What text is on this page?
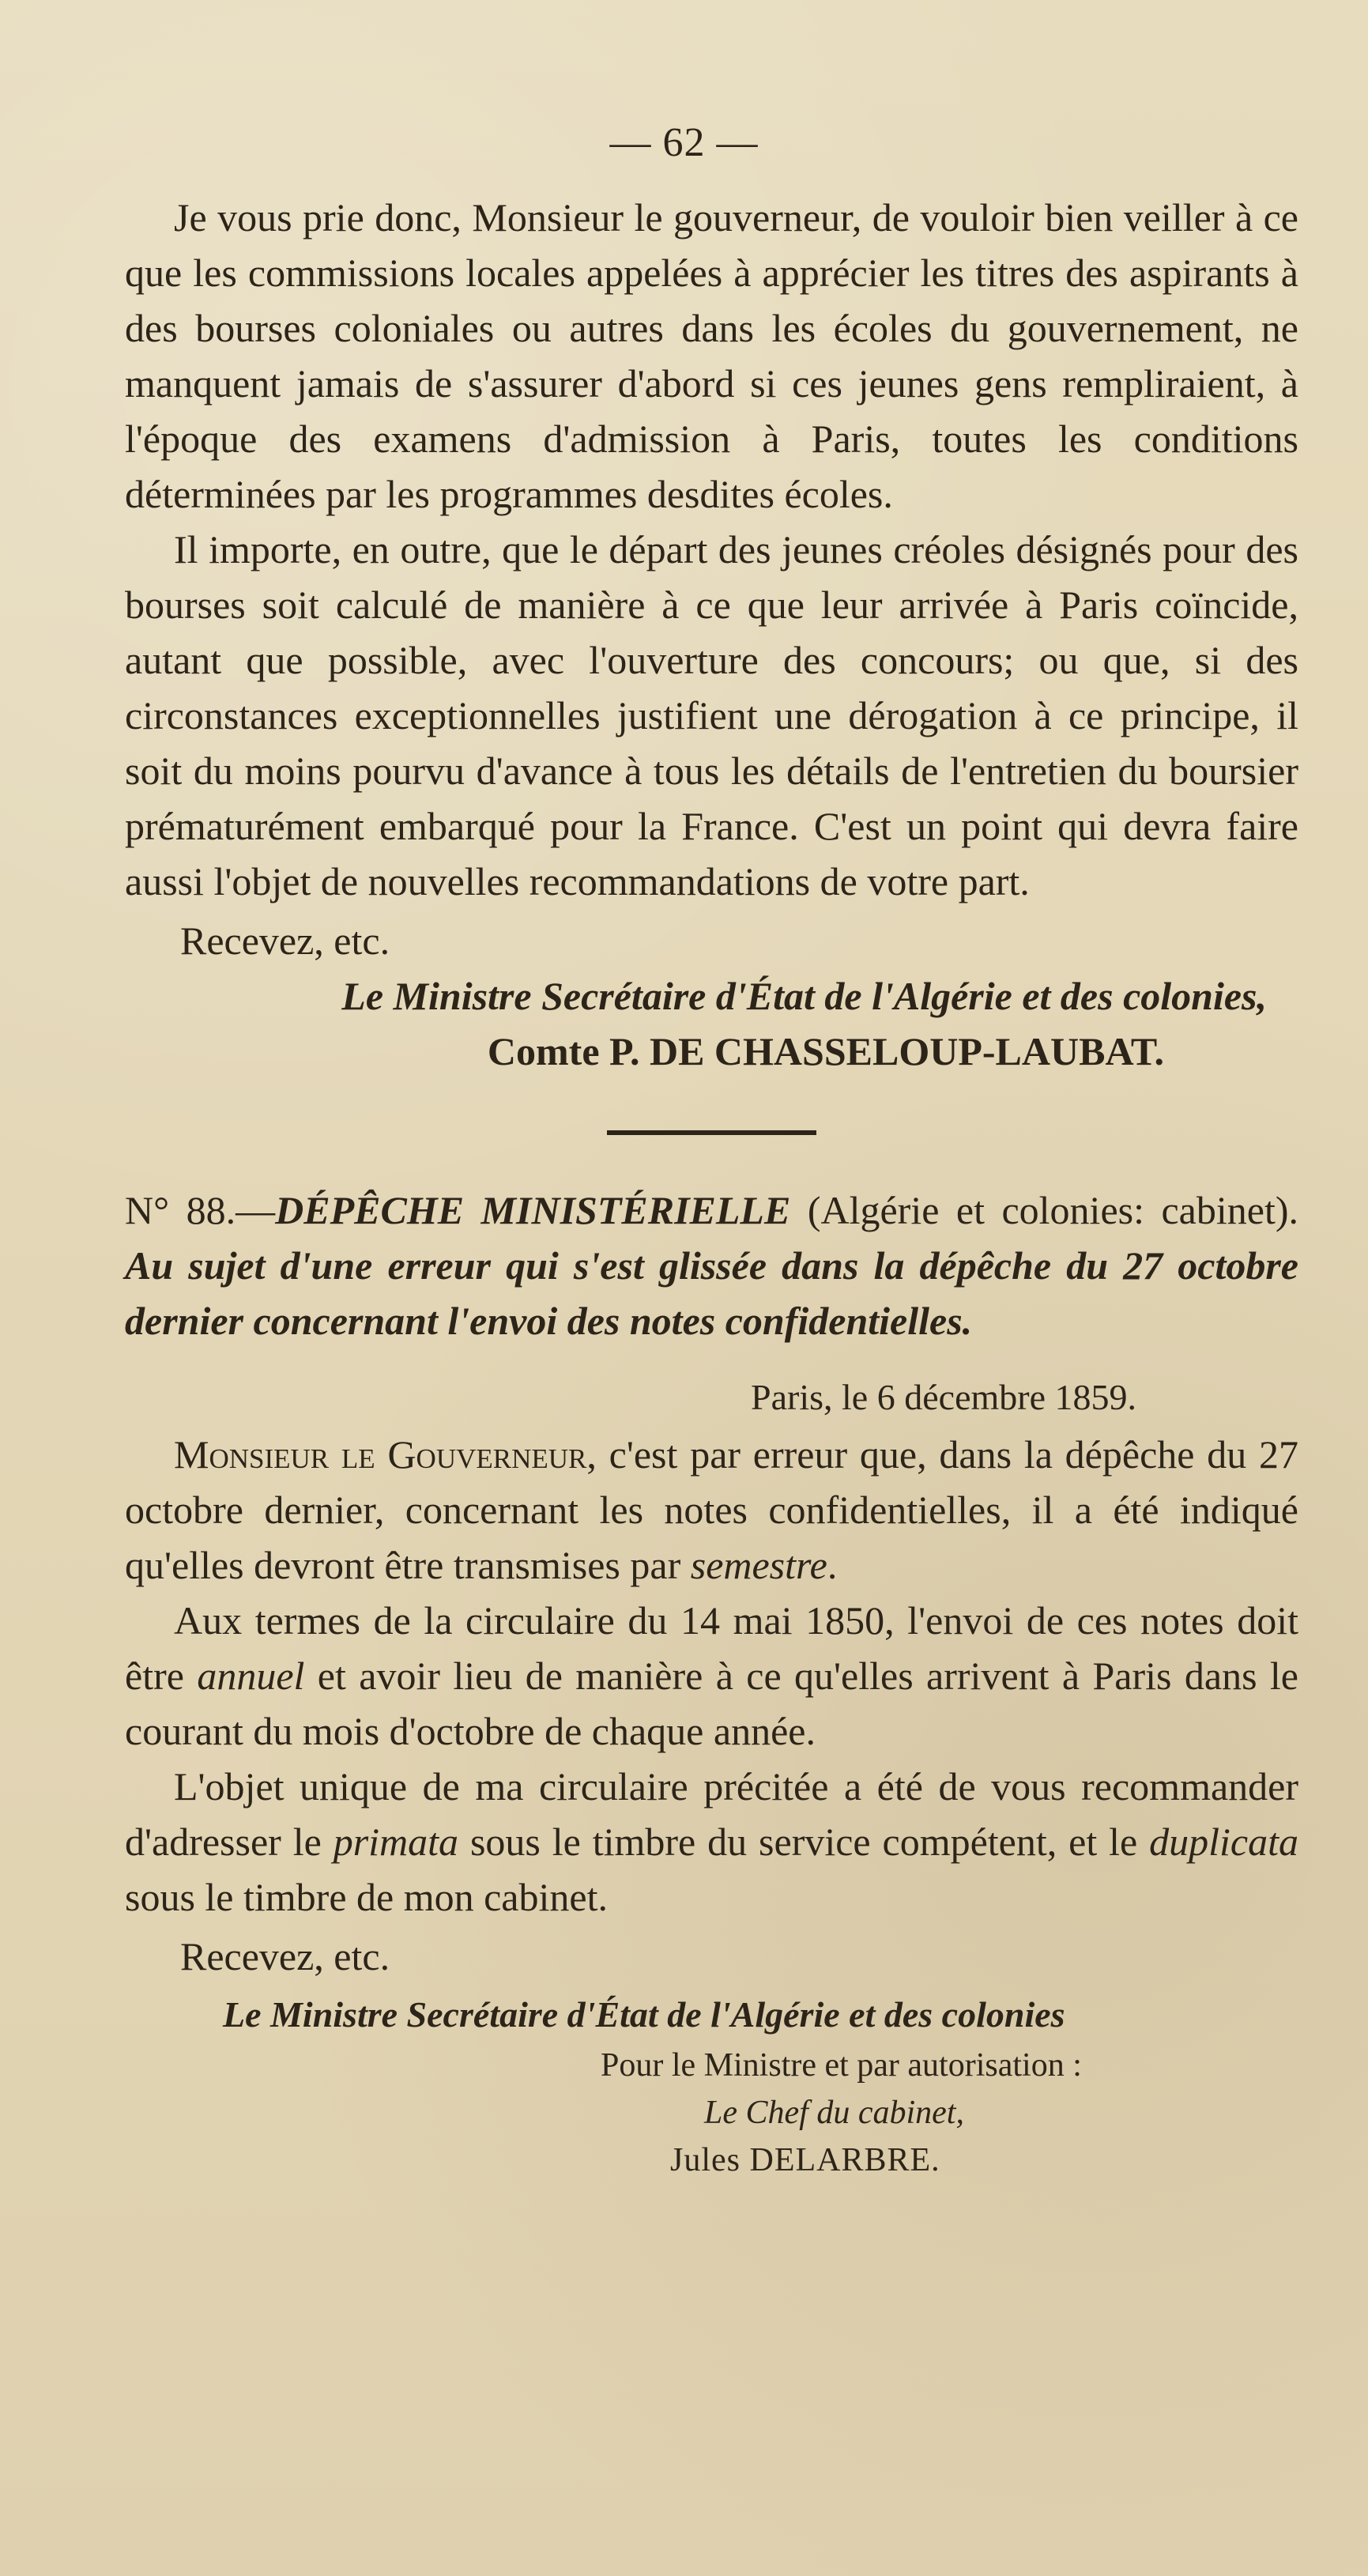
— 62 —

Je vous prie donc, Monsieur le gouverneur, de vouloir bien veiller à ce que les commissions locales appelées à apprécier les titres des aspirants à des bourses coloniales ou autres dans les écoles du gouvernement, ne manquent jamais de s'assurer d'abord si ces jeunes gens rempliraient, à l'époque des examens d'admission à Paris, toutes les conditions déterminées par les programmes desdites écoles.

Il importe, en outre, que le départ des jeunes créoles désignés pour des bourses soit calculé de manière à ce que leur arrivée à Paris coïncide, autant que possible, avec l'ouverture des concours; ou que, si des circonstances exceptionnelles justifient une dérogation à ce principe, il soit du moins pourvu d'avance à tous les détails de l'entretien du boursier prématurément embarqué pour la France. C'est un point qui devra faire aussi l'objet de nouvelles recommandations de votre part.

Recevez, etc.

Le Ministre Secrétaire d'État de l'Algérie et des colonies,

Comte P. DE CHASSELOUP-LAUBAT.

N° 88.—DÉPÊCHE MINISTÉRIELLE (Algérie et colonies: cabinet). Au sujet d'une erreur qui s'est glissée dans la dépêche du 27 octobre dernier concernant l'envoi des notes confidentielles.

Paris, le 6 décembre 1859.

Monsieur le Gouverneur, c'est par erreur que, dans la dépêche du 27 octobre dernier, concernant les notes confidentielles, il a été indiqué qu'elles devront être transmises par semestre.

Aux termes de la circulaire du 14 mai 1850, l'envoi de ces notes doit être annuel et avoir lieu de manière à ce qu'elles arrivent à Paris dans le courant du mois d'octobre de chaque année.

L'objet unique de ma circulaire précitée a été de vous recommander d'adresser le primata sous le timbre du service compétent, et le duplicata sous le timbre de mon cabinet.

Recevez, etc.

Le Ministre Secrétaire d'État de l'Algérie et des colonies

Pour le Ministre et par autorisation :

Le Chef du cabinet,

Jules DELARBRE.
